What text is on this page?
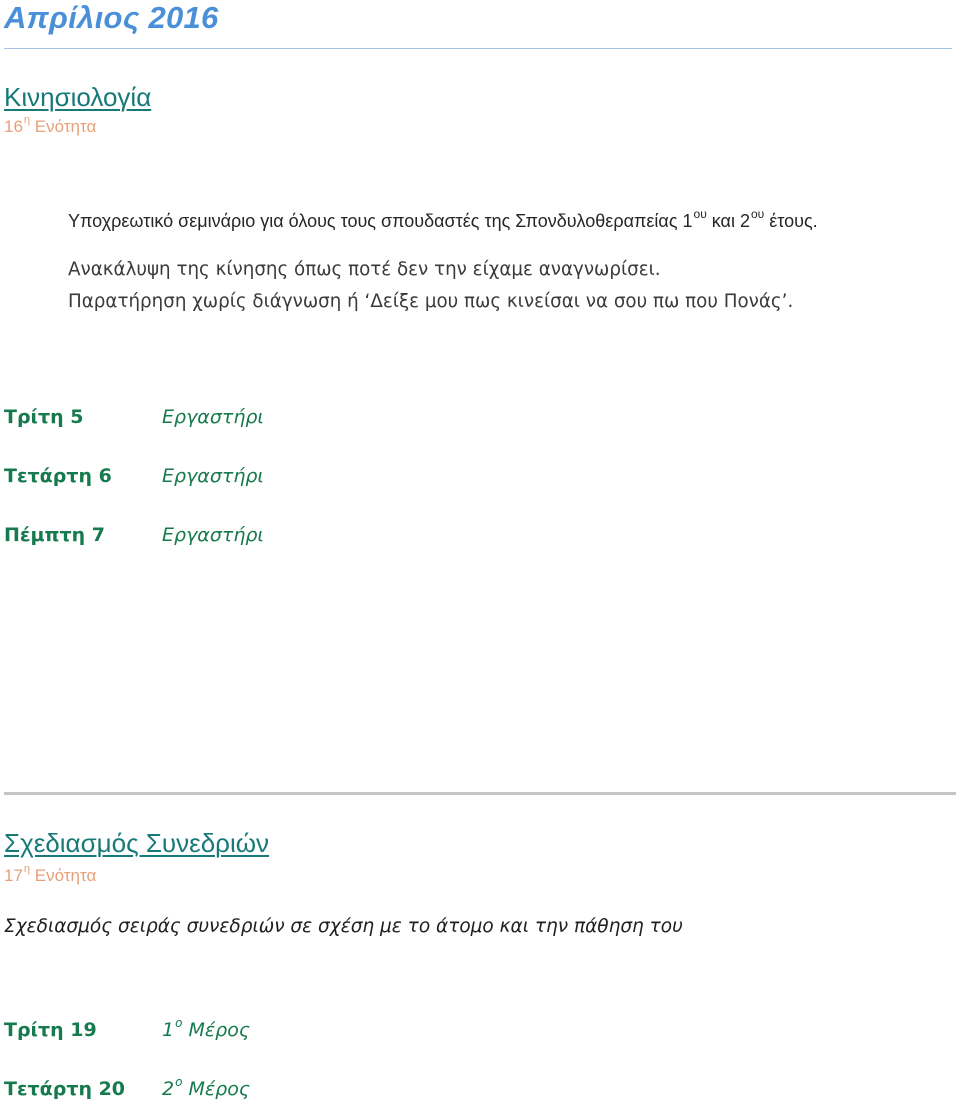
Απρίλιος 2016
Κινησιολογία
$16^\eta$ Ενότητα
Υποχρεωτικό σεμινάριο για όλους τους σπουδαστές της Σπονδυλοθεραπείας $1^{o\upsilon}$ και $2^{o\upsilon}$ έτους.
Ανακάλυψη της κίνησης όπως ποτέ δεν την είχαμε αναγνωρίσει.
Παρατήρηση χωρίς διάγνωση ή ‘Δείξε μου πως κινείσαι να σου πω που Πονάς’.
Τρίτη 5	Εργαστήρι
Τετάρτη 6	Εργαστήρι
Πέμπτη 7	Εργαστήρι
Σχεδιασμός Συνεδριών
$17^\eta$ Ενότητα
Σχεδιασμός σειράς συνεδριών σε σχέση με το άτομο και την πάθηση του
Τρίτη 19	$1^o$ Μέρος
Τετάρτη 20 $2^o$ Μέρος
